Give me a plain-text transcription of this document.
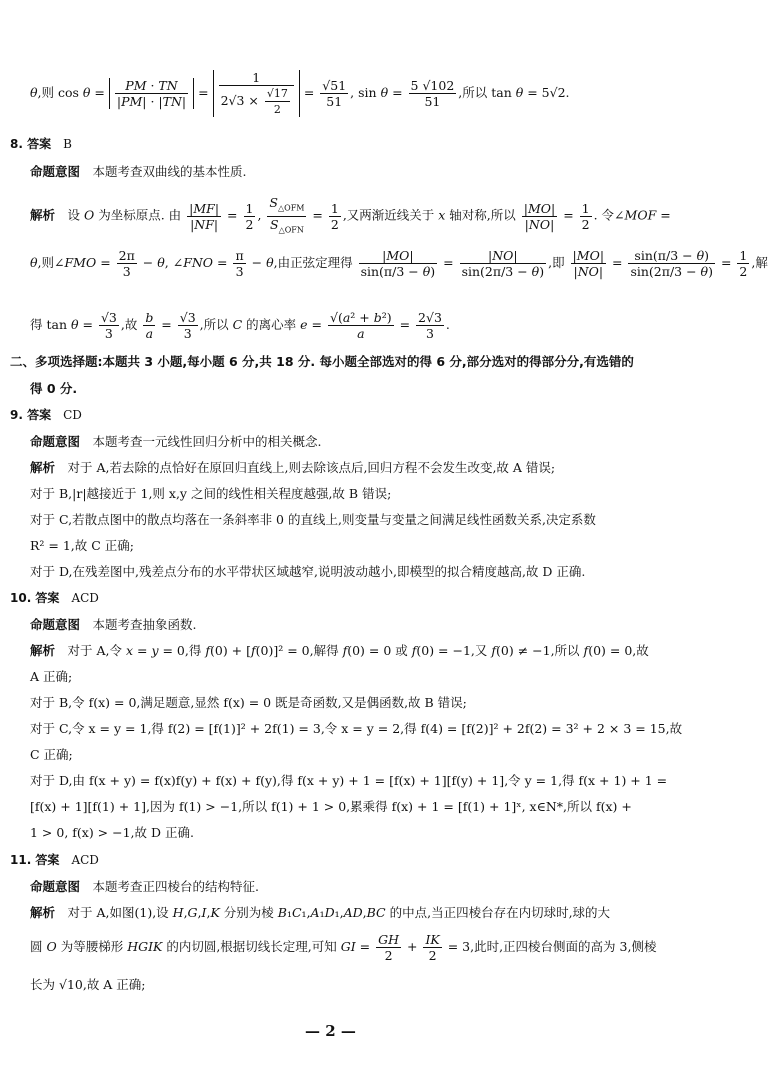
θ,则 $\cos \theta = \frac{PM \cdot TN}{|PM| \cdot |TN|} = \frac{1}{2√3 \times \frac{√17}{2}} = \frac{√51}{51}$ , $\sin \theta = \frac{5 √102}{51}$ ,所以 tan θ = 5√2.
8. 答案　B
命题意图　本题考查双曲线的基本性质.
解析　设 O 为坐标原点. 由 $\frac{|MF|}{|NF|} = \frac{1}{2}$ , $\frac{S_{\triangle OFM}}{S_{\triangle OFN}} = \frac{1}{2}$ ,又两渐近线关于 x 轴对称,所以 $\frac{|MO|}{|NO|} = \frac{1}{2}$ . 令∠MOF =
θ,则∠FMO = $\frac{2\pi}{3} - \theta$, ∠FNO = $\frac{\pi}{3} - \theta$,由正弦定理得 $\frac{|MO|}{\sin(\pi/3 - \theta)} = \frac{|NO|}{\sin(2\pi/3 - \theta)}$ ,即 $\frac{|MO|}{|NO|} = \frac{\sin(\pi/3 - \theta)}{\sin(2\pi/3 - \theta)} = \frac{1}{2}$ ,解
得 $\tan \theta = \frac{√3}{3}$ ,故 $\frac{b}{a} = \frac{√3}{3}$ ,所以 C 的离心率 $e = \frac{\text{√(a² + b²)}}{a} = \frac{2√3}{3}$ .
二、多项选择题:本题共 3 小题,每小题 6 分,共 18 分. 每小题全部选对的得 6 分,部分选对的得部分分,有选错的
得 0 分.
9. 答案　CD
命题意图　本题考查一元线性回归分析中的相关概念.
解析　对于 A,若去除的点恰好在原回归直线上,则去除该点后,回归方程不会发生改变,故 A 错误;
对于 B,|r|越接近于 1,则 x,y 之间的线性相关程度越强,故 B 错误;
对于 C,若散点图中的散点均落在一条斜率非 0 的直线上,则变量与变量之间满足线性函数关系,决定系数
R² = 1,故 C 正确;
对于 D,在残差图中,残差点分布的水平带状区域越窄,说明波动越小,即模型的拟合精度越高,故 D 正确.
10. 答案　ACD
命题意图　本题考查抽象函数.
解析　对于 A,令 x = y = 0,得 f(0) + [f(0)]² = 0,解得 f(0) = 0 或 f(0) = −1,又 f(0) ≠ −1,所以 f(0) = 0,故
A 正确;
对于 B,令 f(x) = 0,满足题意,显然 f(x) = 0 既是奇函数,又是偶函数,故 B 错误;
对于 C,令 x = y = 1,得 f(2) = [f(1)]² + 2f(1) = 3,令 x = y = 2,得 f(4) = [f(2)]² + 2f(2) = 3² + 2 × 3 = 15,故
C 正确;
对于 D,由 f(x + y) = f(x)f(y) + f(x) + f(y),得 f(x + y) + 1 = [f(x) + 1][f(y) + 1],令 y = 1,得 f(x + 1) + 1 =
[f(x) + 1][f(1) + 1],因为 f(1) > −1,所以 f(1) + 1 > 0,累乘得 f(x) + 1 = [f(1) + 1]ˣ, x∈N*,所以 f(x) +
1 > 0, f(x) > −1,故 D 正确.
11. 答案　ACD
命题意图　本题考查正四棱台的结构特征.
解析　对于 A,如图(1),设 H,G,I,K 分别为棱 B₁C₁,A₁D₁,AD,BC 的中点,当正四棱台存在内切球时,球的大
圆 O 为等腰梯形 HGIK 的内切圆,根据切线长定理,可知 GI = $\frac{GH}{2} + \frac{IK}{2} = 3$,此时,正四棱台侧面的高为 3,侧棱
长为 √10,故 A 正确;
— 2 —
